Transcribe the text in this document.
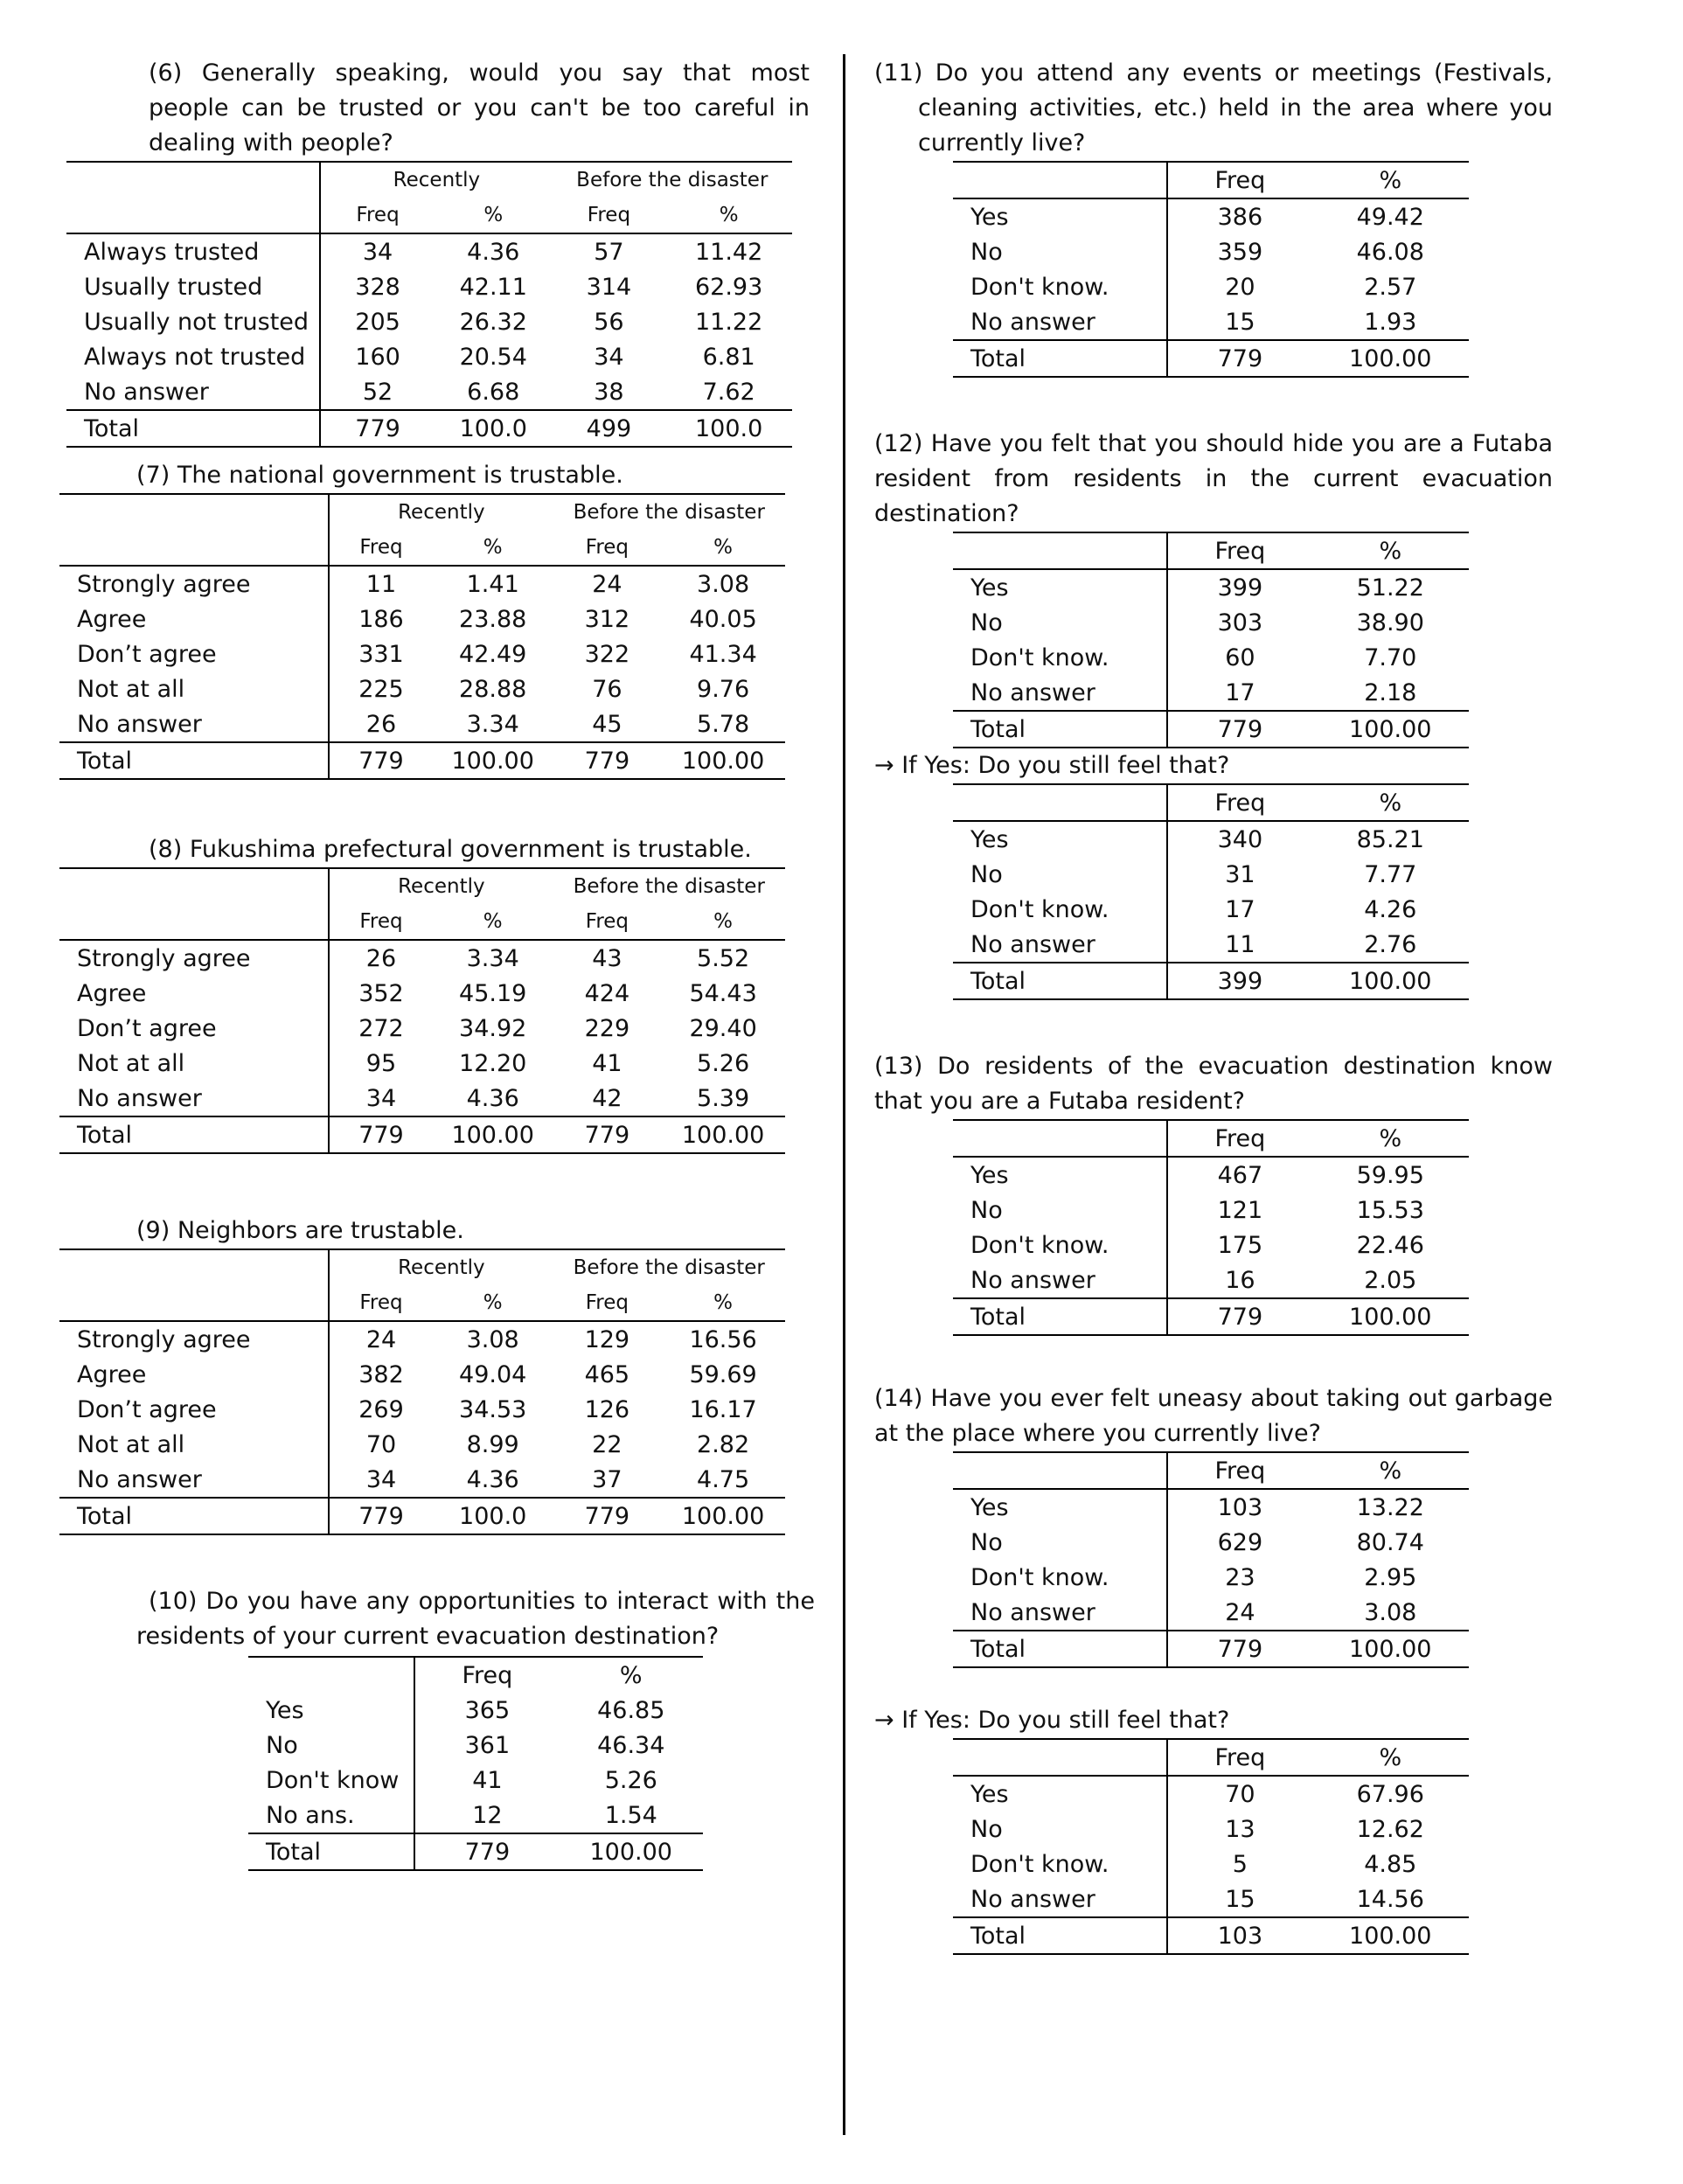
(6) Generally speaking, would you say that most people can be trusted or you can't be too careful in dealing with people?
	Recently		Before the disaster	
	Freq	%	Freq	%
Always trusted	34	4.36	57	11.42
Usually trusted	328	42.11	314	62.93
Usually not trusted	205	26.32	56	11.22
Always not trusted	160	20.54	34	6.81
No answer	52	6.68	38	7.62
Total	779	100.0	499	100.0
(7) The national government is trustable.
	Recently		Before the disaster	
	Freq	%	Freq	%
Strongly agree	11	1.41	24	3.08
Agree	186	23.88	312	40.05
Don’t agree	331	42.49	322	41.34
Not at all	225	28.88	76	9.76
No answer	26	3.34	45	5.78
Total	779	100.00	779	100.00
(8) Fukushima prefectural government is trustable.
	Recently		Before the disaster	
	Freq	%	Freq	%
Strongly agree	26	3.34	43	5.52
Agree	352	45.19	424	54.43
Don’t agree	272	34.92	229	29.40
Not at all	95	12.20	41	5.26
No answer	34	4.36	42	5.39
Total	779	100.00	779	100.00
(9) Neighbors are trustable.
	Recently		Before the disaster	
	Freq	%	Freq	%
Strongly agree	24	3.08	129	16.56
Agree	382	49.04	465	59.69
Don’t agree	269	34.53	126	16.17
Not at all	70	8.99	22	2.82
No answer	34	4.36	37	4.75
Total	779	100.0	779	100.00
(10) Do you have any opportunities to interact with the residents of your current evacuation destination?
	Freq	%
Yes	365	46.85
No	361	46.34
Don't know	41	5.26
No ans.	12	1.54
Total	779	100.00
(11) Do you attend any events or meetings (Festivals, cleaning activities, etc.) held in the area where you currently live?
	Freq	%
Yes	386	49.42
No	359	46.08
Don't know.	20	2.57
No answer	15	1.93
Total	779	100.00
(12) Have you felt that you should hide you are a Futaba resident from residents in the current evacuation destination?
	Freq	%
Yes	399	51.22
No	303	38.90
Don't know.	60	7.70
No answer	17	2.18
Total	779	100.00
→ If Yes: Do you still feel that?
	Freq	%
Yes	340	85.21
No	31	7.77
Don't know.	17	4.26
No answer	11	2.76
Total	399	100.00
(13) Do residents of the evacuation destination know that you are a Futaba resident?
	Freq	%
Yes	467	59.95
No	121	15.53
Don't know.	175	22.46
No answer	16	2.05
Total	779	100.00
(14) Have you ever felt uneasy about taking out garbage at the place where you currently live?
	Freq	%
Yes	103	13.22
No	629	80.74
Don't know.	23	2.95
No answer	24	3.08
Total	779	100.00
→ If Yes: Do you still feel that?
	Freq	%
Yes	70	67.96
No	13	12.62
Don't know.	5	4.85
No answer	15	14.56
Total	103	100.00
